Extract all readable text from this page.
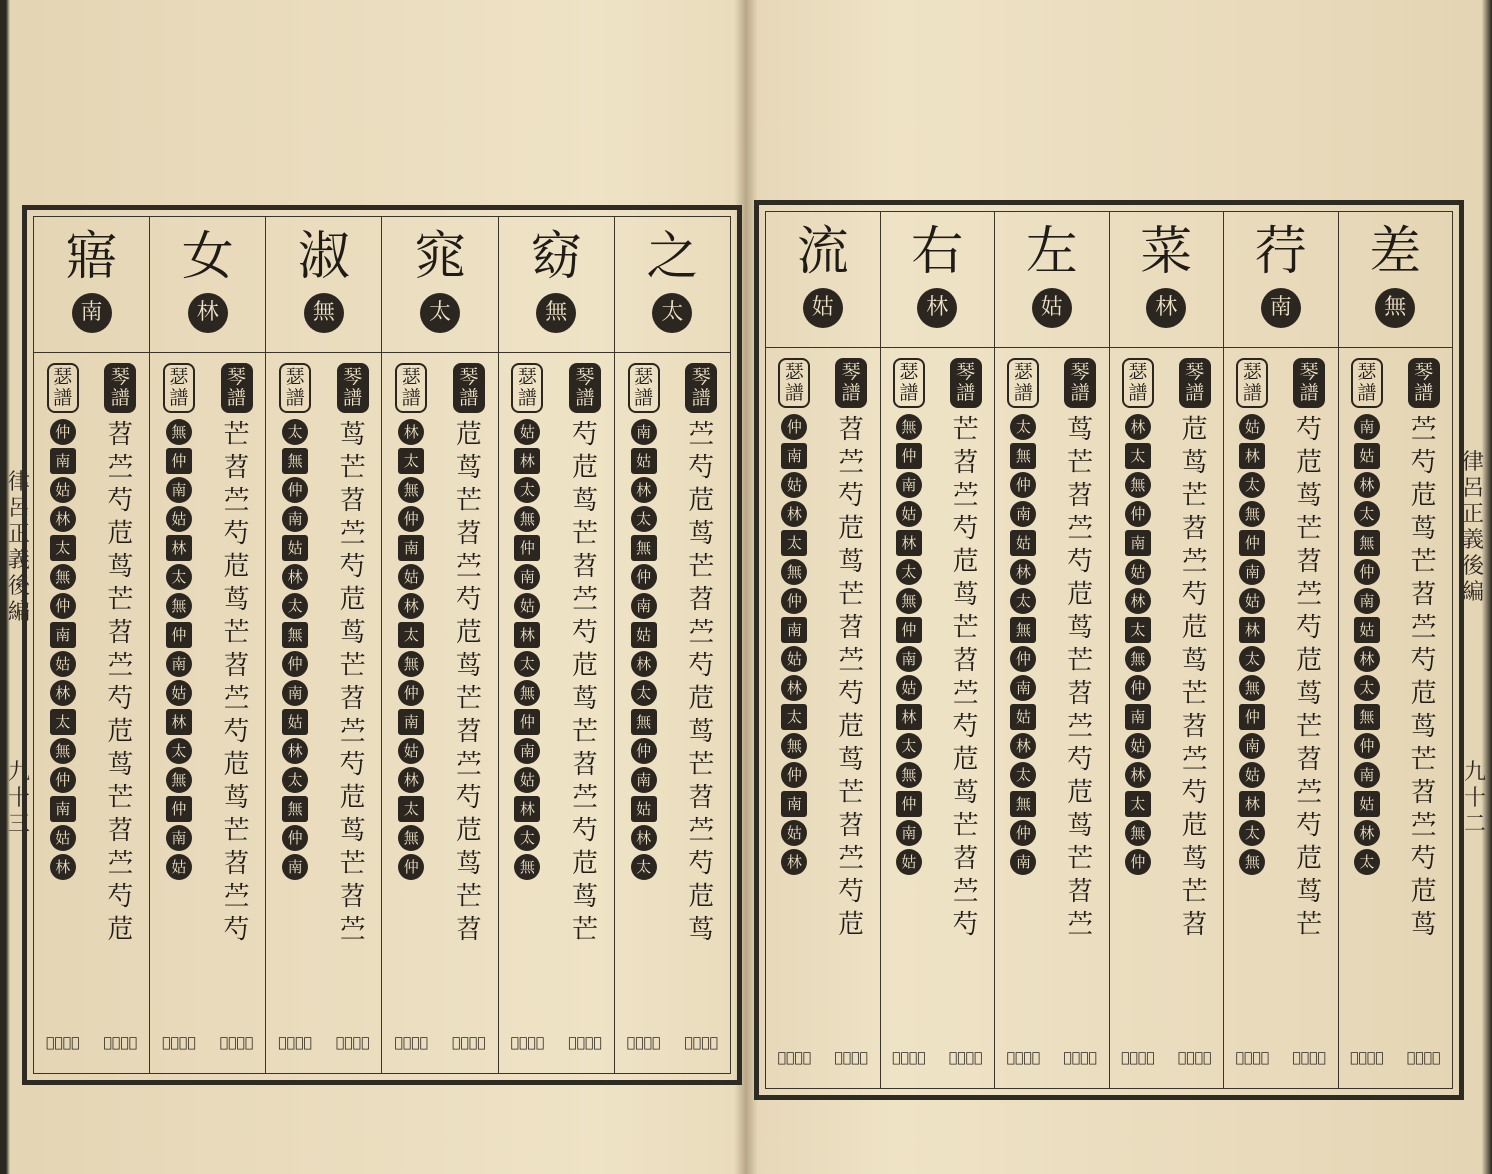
律呂正義後編
九十三
之
太
琴譜
苎
芍
苊
茑
芒
苕
苎
芍
苊
茑
芒
苕
苎
芍
苊
茑
𠃎三弓𠂉
瑟譜
南
姑
林
太
無
仲
南
姑
林
太
無
仲
南
姑
林
太
𠃎三弓𠂉
窈
無
琴譜
芍
苊
茑
芒
苕
苎
芍
苊
茑
芒
苕
苎
芍
苊
茑
芒
𠃎三弓𠂉
瑟譜
姑
林
太
無
仲
南
姑
林
太
無
仲
南
姑
林
太
無
𠃎三弓𠂉
窕
太
琴譜
苊
茑
芒
苕
苎
芍
苊
茑
芒
苕
苎
芍
苊
茑
芒
苕
𠃎三弓𠂉
瑟譜
林
太
無
仲
南
姑
林
太
無
仲
南
姑
林
太
無
仲
𠃎三弓𠂉
淑
無
琴譜
茑
芒
苕
苎
芍
苊
茑
芒
苕
苎
芍
苊
茑
芒
苕
苎
𠃎三弓𠂉
瑟譜
太
無
仲
南
姑
林
太
無
仲
南
姑
林
太
無
仲
南
𠃎三弓𠂉
女
林
琴譜
芒
苕
苎
芍
苊
茑
芒
苕
苎
芍
苊
茑
芒
苕
苎
芍
𠃎三弓𠂉
瑟譜
無
仲
南
姑
林
太
無
仲
南
姑
林
太
無
仲
南
姑
𠃎三弓𠂉
寤
南
琴譜
苕
苎
芍
苊
茑
芒
苕
苎
芍
苊
茑
芒
苕
苎
芍
苊
𠃎三弓𠂉
瑟譜
仲
南
姑
林
太
無
仲
南
姑
林
太
無
仲
南
姑
林
𠃎三弓𠂉
律呂正義後編
九十二
差
無
琴譜
苎
芍
苊
茑
芒
苕
苎
芍
苊
茑
芒
苕
苎
芍
苊
茑
𠃎三弓𠂉
瑟譜
南
姑
林
太
無
仲
南
姑
林
太
無
仲
南
姑
林
太
𠃎三弓𠂉
荇
南
琴譜
芍
苊
茑
芒
苕
苎
芍
苊
茑
芒
苕
苎
芍
苊
茑
芒
𠃎三弓𠂉
瑟譜
姑
林
太
無
仲
南
姑
林
太
無
仲
南
姑
林
太
無
𠃎三弓𠂉
菜
林
琴譜
苊
茑
芒
苕
苎
芍
苊
茑
芒
苕
苎
芍
苊
茑
芒
苕
𠃎三弓𠂉
瑟譜
林
太
無
仲
南
姑
林
太
無
仲
南
姑
林
太
無
仲
𠃎三弓𠂉
左
姑
琴譜
茑
芒
苕
苎
芍
苊
茑
芒
苕
苎
芍
苊
茑
芒
苕
苎
𠃎三弓𠂉
瑟譜
太
無
仲
南
姑
林
太
無
仲
南
姑
林
太
無
仲
南
𠃎三弓𠂉
右
林
琴譜
芒
苕
苎
芍
苊
茑
芒
苕
苎
芍
苊
茑
芒
苕
苎
芍
𠃎三弓𠂉
瑟譜
無
仲
南
姑
林
太
無
仲
南
姑
林
太
無
仲
南
姑
𠃎三弓𠂉
流
姑
琴譜
苕
苎
芍
苊
茑
芒
苕
苎
芍
苊
茑
芒
苕
苎
芍
苊
𠃎三弓𠂉
瑟譜
仲
南
姑
林
太
無
仲
南
姑
林
太
無
仲
南
姑
林
𠃎三弓𠂉
